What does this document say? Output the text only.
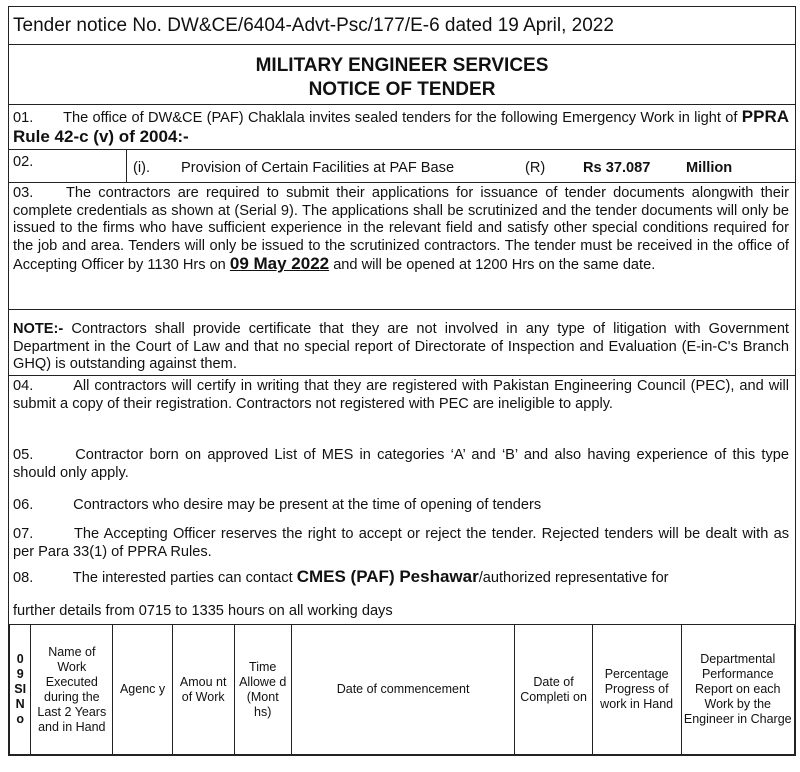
Tender notice No. DW&CE/6404-Advt-Psc/177/E-6 dated 19 April, 2022
MILITARY ENGINEER SERVICES
NOTICE OF TENDER
01. The office of DW&CE (PAF) Chaklala invites sealed tenders for the following Emergency Work in light of PPRA Rule 42-c (v) of 2004:-
02.	(i). Provision of Certain Facilities at PAF Base	(R)	Rs 37.087 Million
03. The contractors are required to submit their applications for issuance of tender documents alongwith their complete credentials as shown at (Serial 9). The applications shall be scrutinized and the tender documents will only be issued to the firms who have sufficient experience in the relevant field and satisfy other special conditions required for the job and area. Tenders will only be issued to the scrutinized contractors. The tender must be received in the office of Accepting Officer by 1130 Hrs on 09 May 2022 and will be opened at 1200 Hrs on the same date.
NOTE:- Contractors shall provide certificate that they are not involved in any type of litigation with Government Department in the Court of Law and that no special report of Directorate of Inspection and Evaluation (E-in-C's Branch GHQ) is outstanding against them.
04.	All contractors will certify in writing that they are registered with Pakistan Engineering Council (PEC), and will submit a copy of their registration. Contractors not registered with PEC are ineligible to apply.
05.	Contractor born on approved List of MES in categories ‘A’ and ‘B’ and also having experience of this type should only apply.
06.	Contractors who desire may be present at the time of opening of tenders
07.	The Accepting Officer reserves the right to accept or reject the tender. Rejected tenders will be dealt with as per Para 33(1) of PPRA Rules.
08.	The interested parties can contact CMES (PAF) Peshawar/authorized representative for
further details from 0715 to 1335 hours on all working days
0 9 SI N o	Name of Work Executed during the Last 2 Years and in Hand	Agenc y	Amou nt of Work	Time Allowe d (Mont hs)	Date of commencement	Date of Completi on	Percentage Progress of work in Hand	Departmental Performance Report on each Work by the Engineer in Charge
